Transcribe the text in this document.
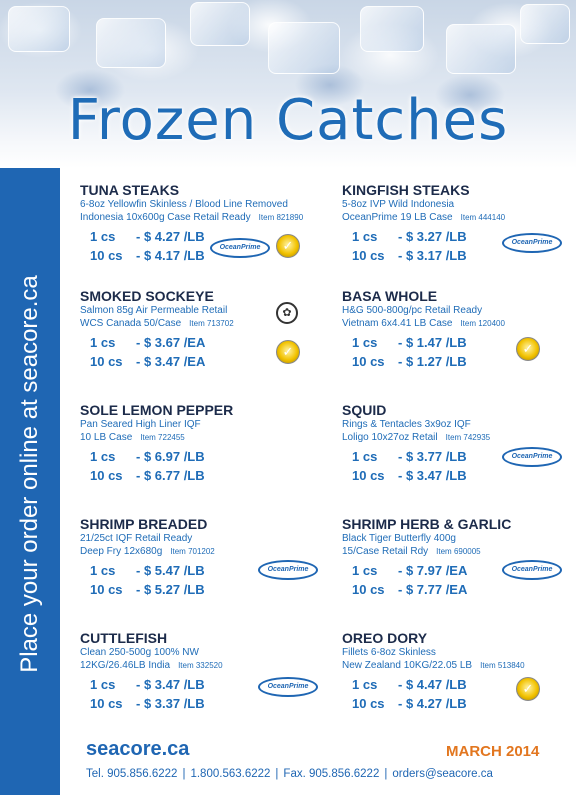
Frozen Catches
Place your order online at seacore.ca
TUNA STEAKS
6-8oz Yellowfin Skinless / Blood Line Removed
Indonesia 10x600g Case Retail Ready Item 821890
1 cs - $ 4.27 /LB
10 cs - $ 4.17 /LB
OceanPrime	✓
SMOKED SOCKEYE
Salmon 85g Air Permeable Retail
WCS Canada 50/Case Item 713702
1 cs - $ 3.67 /EA
10 cs - $ 3.47 /EA
✿
✓
SOLE LEMON PEPPER
Pan Seared High Liner IQF
10 LB Case Item 722455
1 cs - $ 6.97 /LB
10 cs - $ 6.77 /LB
SHRIMP BREADED
21/25ct IQF Retail Ready
Deep Fry 12x680g Item 701202
1 cs - $ 5.47 /LB
10 cs - $ 5.27 /LB
OceanPrime
CUTTLEFISH
Clean 250-500g 100% NW
12KG/26.46LB India Item 332520
1 cs - $ 3.47 /LB
10 cs - $ 3.37 /LB
OceanPrime
KINGFISH STEAKS
5-8oz IVP Wild Indonesia
OceanPrime 19 LB Case Item 444140
1 cs - $ 3.27 /LB
10 cs - $ 3.17 /LB
OceanPrime
BASA WHOLE
H&G 500-800g/pc Retail Ready
Vietnam 6x4.41 LB Case Item 120400
1 cs - $ 1.47 /LB
10 cs - $ 1.27 /LB
✓
SQUID
Rings & Tentacles 3x9oz IQF
Loligo 10x27oz Retail Item 742935
1 cs - $ 3.77 /LB
10 cs - $ 3.47 /LB
OceanPrime
SHRIMP HERB & GARLIC
Black Tiger Butterfly 400g
15/Case Retail Rdy Item 690005
1 cs - $ 7.97 /EA
10 cs - $ 7.77 /EA
OceanPrime
OREO DORY
Fillets 6-8oz Skinless
New Zealand 10KG/22.05 LB Item 513840
1 cs - $ 4.47 /LB
10 cs - $ 4.27 /LB
✓
seacore.ca	MARCH 2014
Tel. 905.856.6222 | 1.800.563.6222 | Fax. 905.856.6222 | orders@seacore.ca
